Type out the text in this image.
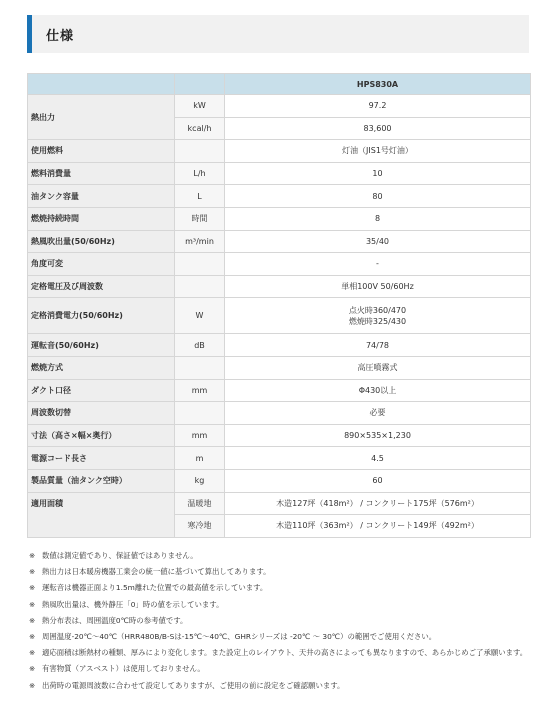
仕様
		HPS830A
熱出力	kW	97.2
	kcal/h	83,600
使用燃料		灯油（JIS1号灯油）
燃料消費量	L/h	10
油タンク容量	L	80
燃焼持続時間	時間	8
熱風吹出量(50/60Hz)	m³/min	35/40
角度可変		-
定格電圧及び周波数		単相100V 50/60Hz
定格消費電力(50/60Hz)	W	点火時360/470
燃焼時325/430

運転音(50/60Hz)	dB	74/78
燃焼方式		高圧噴霧式
ダクト口径	mm	Φ430以上
周波数切替		必要
寸法（高さ×幅×奥行）	mm	890×535×1,230
電源コード長さ	m	4.5
製品質量（油タンク空時）	kg	60
適用面積	温暖地	木造127坪（418m²） / コンクリート175坪（576m²）
	寒冷地	木造110坪（363m²） / コンクリート149坪（492m²）
※ 数値は測定値であり、保証値ではありません。
※ 熱出力は日本暖房機器工業会の統一値に基づいて算出してあります。
※ 運転音は機器正面より1.5m離れた位置での最高値を示しています。
※ 熱風吹出量は、機外静圧「0」時の値を示しています。
※ 熱分布表は、周囲温度0℃時の参考値です。
※ 周囲温度-20℃〜40℃（HRR480B/B-Sは-15℃〜40℃、GHRシリーズは -20℃ 〜 30℃）の範囲でご使用ください。
※ 適応面積は断熱材の種類、厚みにより変化します。また設定上のレイアウト、天井の高さによっても異なりますので、あらかじめご了承願います。
※ 有害物質（アスベスト）は使用しておりません。
※ 出荷時の電源周波数に合わせて設定してありますが、ご使用の前に設定をご確認願います。
